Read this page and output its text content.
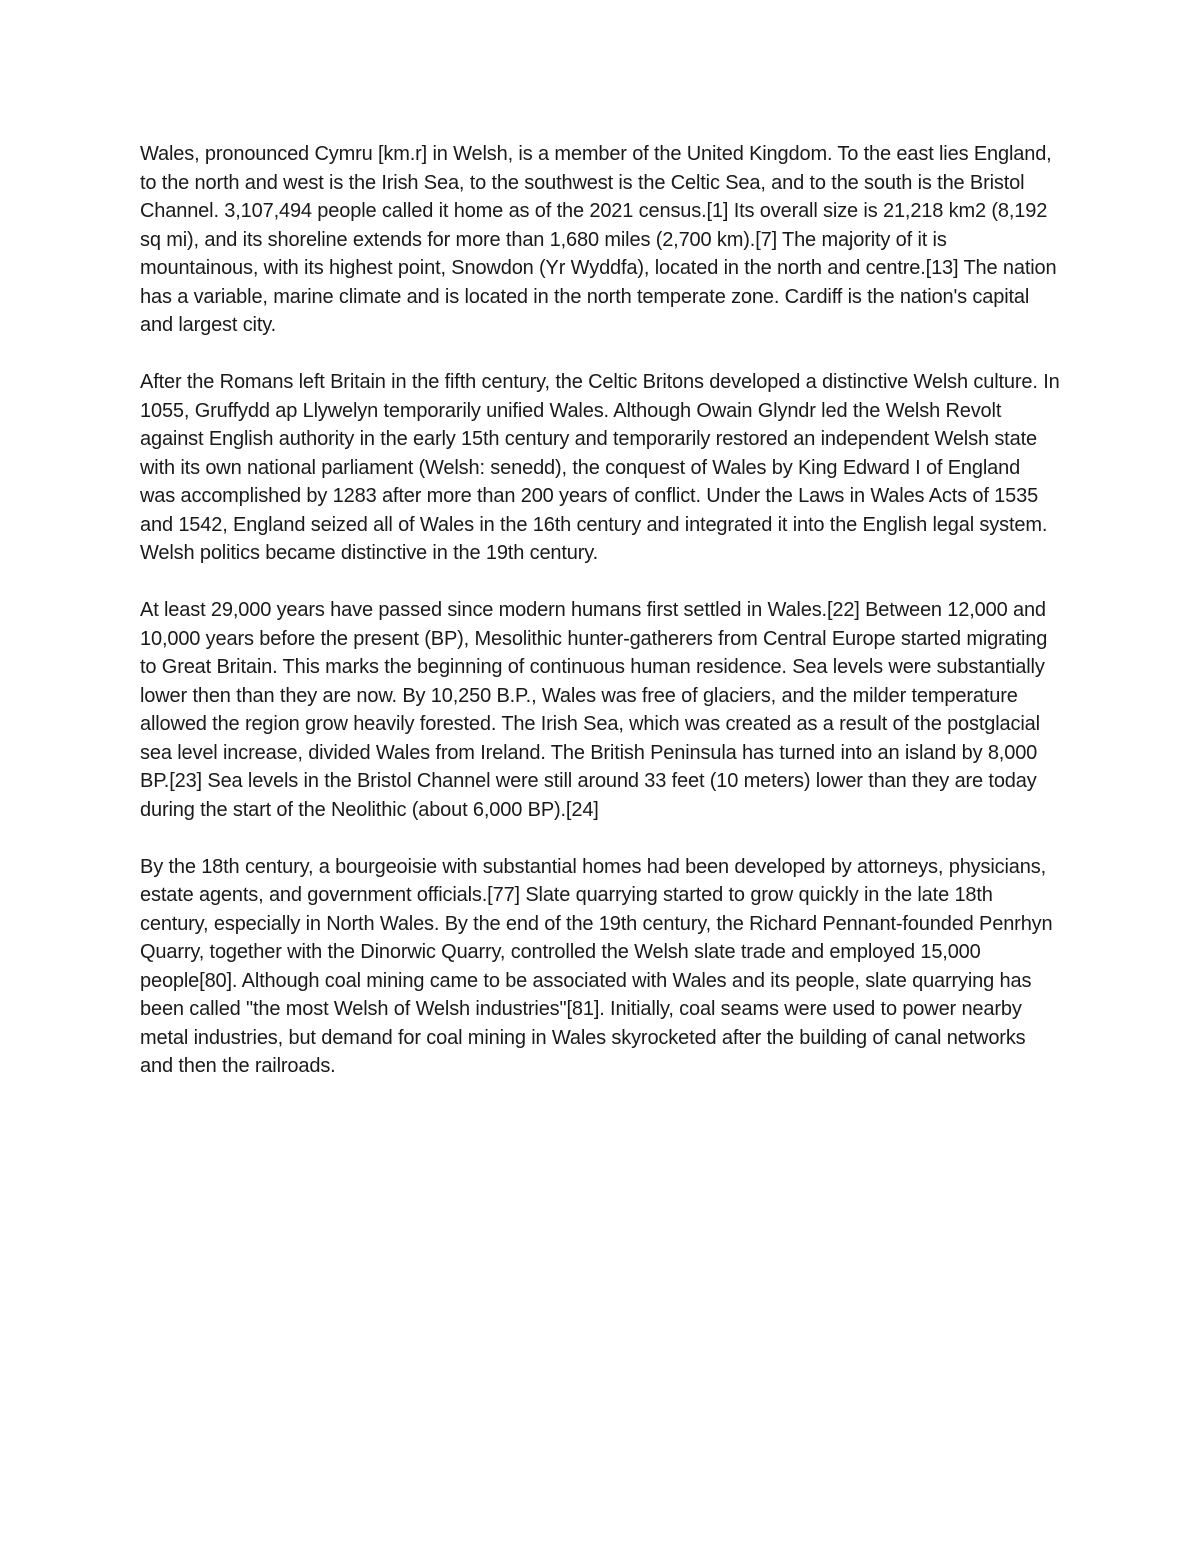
Wales, pronounced Cymru [km.r] in Welsh, is a member of the United Kingdom. To the east lies England, to the north and west is the Irish Sea, to the southwest is the Celtic Sea, and to the south is the Bristol Channel. 3,107,494 people called it home as of the 2021 census.[1] Its overall size is 21,218 km2 (8,192 sq mi), and its shoreline extends for more than 1,680 miles (2,700 km).[7] The majority of it is mountainous, with its highest point, Snowdon (Yr Wyddfa), located in the north and centre.[13] The nation has a variable, marine climate and is located in the north temperate zone. Cardiff is the nation's capital and largest city.

After the Romans left Britain in the fifth century, the Celtic Britons developed a distinctive Welsh culture. In 1055, Gruffydd ap Llywelyn temporarily unified Wales. Although Owain Glyndr led the Welsh Revolt against English authority in the early 15th century and temporarily restored an independent Welsh state with its own national parliament (Welsh: senedd), the conquest of Wales by King Edward I of England was accomplished by 1283 after more than 200 years of conflict. Under the Laws in Wales Acts of 1535 and 1542, England seized all of Wales in the 16th century and integrated it into the English legal system. Welsh politics became distinctive in the 19th century.

At least 29,000 years have passed since modern humans first settled in Wales.[22] Between 12,000 and 10,000 years before the present (BP), Mesolithic hunter-gatherers from Central Europe started migrating to Great Britain. This marks the beginning of continuous human residence. Sea levels were substantially lower then than they are now. By 10,250 B.P., Wales was free of glaciers, and the milder temperature allowed the region grow heavily forested. The Irish Sea, which was created as a result of the postglacial sea level increase, divided Wales from Ireland. The British Peninsula has turned into an island by 8,000 BP.[23] Sea levels in the Bristol Channel were still around 33 feet (10 meters) lower than they are today during the start of the Neolithic (about 6,000 BP).[24]

By the 18th century, a bourgeoisie with substantial homes had been developed by attorneys, physicians, estate agents, and government officials.[77] Slate quarrying started to grow quickly in the late 18th century, especially in North Wales. By the end of the 19th century, the Richard Pennant-founded Penrhyn Quarry, together with the Dinorwic Quarry, controlled the Welsh slate trade and employed 15,000 people[80]. Although coal mining came to be associated with Wales and its people, slate quarrying has been called "the most Welsh of Welsh industries"[81]. Initially, coal seams were used to power nearby metal industries, but demand for coal mining in Wales skyrocketed after the building of canal networks and then the railroads.
